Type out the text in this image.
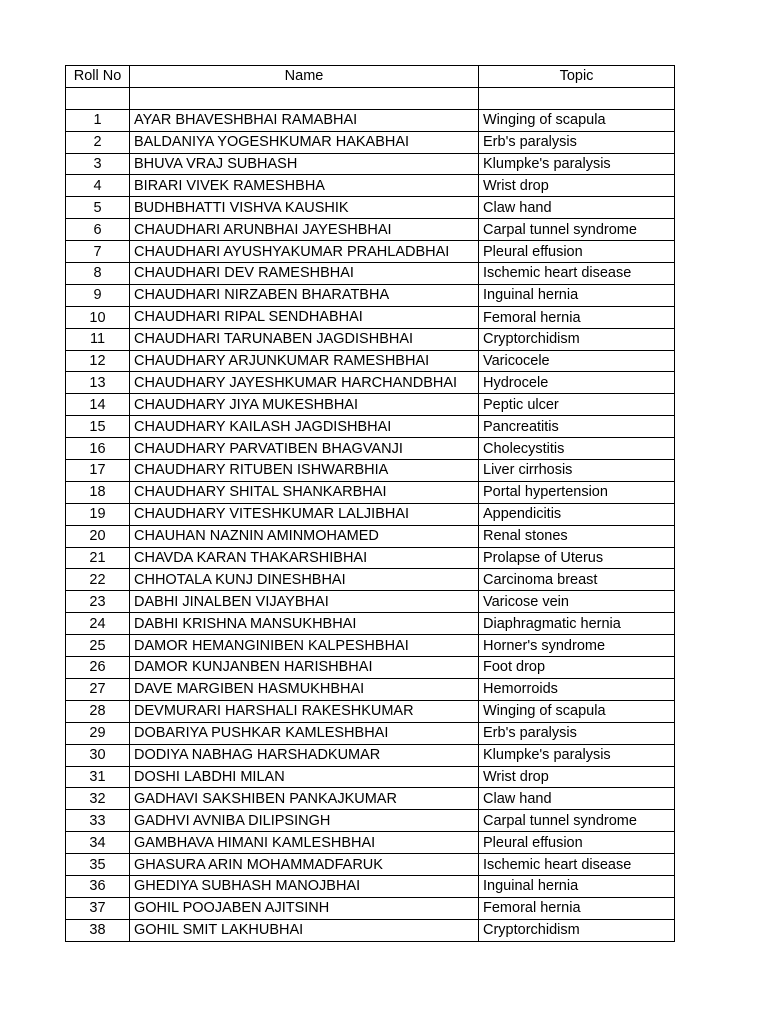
Roll No	Name	Topic

1	AYAR BHAVESHBHAI RAMABHAI	Winging of scapula
2	BALDANIYA YOGESHKUMAR HAKABHAI	Erb's paralysis
3	BHUVA VRAJ SUBHASH	Klumpke's paralysis
4	BIRARI VIVEK RAMESHBHA	Wrist drop
5	BUDHBHATTI VISHVA KAUSHIK	Claw hand
6	CHAUDHARI ARUNBHAI JAYESHBHAI	Carpal tunnel syndrome
7	CHAUDHARI AYUSHYAKUMAR PRAHLADBHAI	Pleural effusion
8	CHAUDHARI DEV RAMESHBHAI	Ischemic heart disease
9	CHAUDHARI NIRZABEN BHARATBHA	Inguinal hernia
10	CHAUDHARI RIPAL SENDHABHAI	Femoral hernia
11	CHAUDHARI TARUNABEN JAGDISHBHAI	Cryptorchidism
12	CHAUDHARY ARJUNKUMAR RAMESHBHAI	Varicocele
13	CHAUDHARY JAYESHKUMAR HARCHANDBHAI	Hydrocele
14	CHAUDHARY JIYA MUKESHBHAI	Peptic ulcer
15	CHAUDHARY KAILASH JAGDISHBHAI	Pancreatitis
16	CHAUDHARY PARVATIBEN BHAGVANJI	Cholecystitis
17	CHAUDHARY RITUBEN ISHWARBHIA	Liver cirrhosis
18	CHAUDHARY SHITAL SHANKARBHAI	Portal hypertension
19	CHAUDHARY VITESHKUMAR LALJIBHAI	Appendicitis
20	CHAUHAN NAZNIN AMINMOHAMED	Renal stones
21	CHAVDA KARAN THAKARSHIBHAI	Prolapse of Uterus
22	CHHOTALA KUNJ DINESHBHAI	Carcinoma breast
23	DABHI JINALBEN VIJAYBHAI	Varicose vein
24	DABHI KRISHNA MANSUKHBHAI	Diaphragmatic hernia
25	DAMOR HEMANGINIBEN KALPESHBHAI	Horner's syndrome
26	DAMOR KUNJANBEN HARISHBHAI	Foot drop
27	DAVE MARGIBEN HASMUKHBHAI	Hemorroids
28	DEVMURARI HARSHALI RAKESHKUMAR	Winging of scapula
29	DOBARIYA PUSHKAR KAMLESHBHAI	Erb's paralysis
30	DODIYA NABHAG HARSHADKUMAR	Klumpke's paralysis
31	DOSHI LABDHI MILAN	Wrist drop
32	GADHAVI SAKSHIBEN PANKAJKUMAR	Claw hand
33	GADHVI AVNIBA DILIPSINGH	Carpal tunnel syndrome
34	GAMBHAVA HIMANI KAMLESHBHAI	Pleural effusion
35	GHASURA ARIN MOHAMMADFARUK	Ischemic heart disease
36	GHEDIYA SUBHASH MANOJBHAI	Inguinal hernia
37	GOHIL POOJABEN AJITSINH	Femoral hernia
38	GOHIL SMIT LAKHUBHAI	Cryptorchidism
